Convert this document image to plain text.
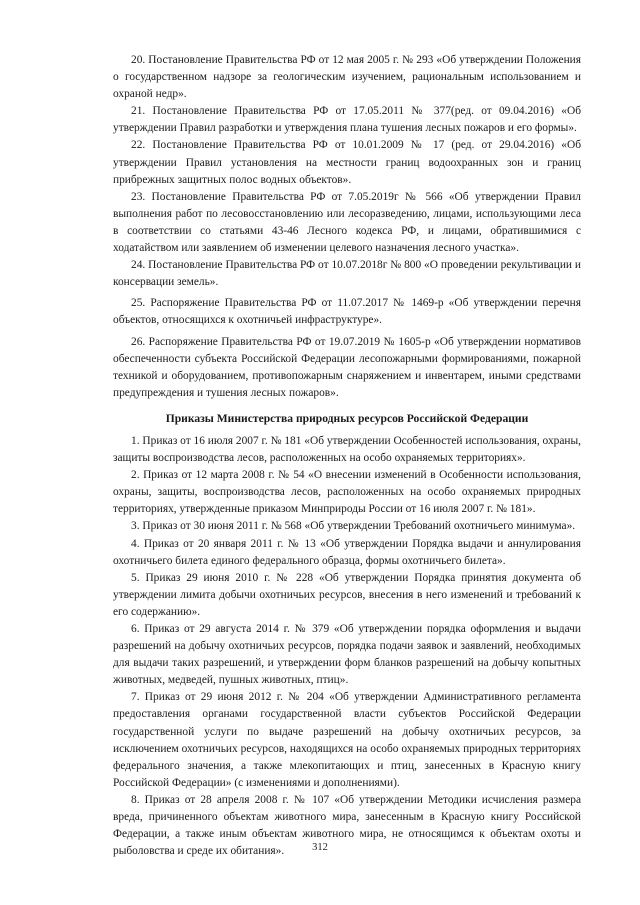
20. Постановление Правительства РФ от 12 мая 2005 г. № 293 «Об утверждении Положения о государственном надзоре за геологическим изучением, рациональным использованием и охраной недр».

21. Постановление Правительства РФ от 17.05.2011 № 377(ред. от 09.04.2016) «Об утверждении Правил разработки и утверждения плана тушения лесных пожаров и его формы».

22. Постановление Правительства РФ от 10.01.2009 № 17 (ред. от 29.04.2016) «Об утверждении Правил установления на местности границ водоохранных зон и границ прибрежных защитных полос водных объектов».

23. Постановление Правительства РФ от 7.05.2019г № 566 «Об утверждении Правил выполнения работ по лесовосстановлению или лесоразведению, лицами, использующими леса в соответствии со статьями 43-46 Лесного кодекса РФ, и лицами, обратившимися с ходатайством или заявлением об изменении целевого назначения лесного участка».

24. Постановление Правительства РФ от 10.07.2018г № 800 «О проведении рекультивации и консервации земель».

25. Распоряжение Правительства РФ от 11.07.2017 № 1469-р «Об утверждении перечня объектов, относящихся к охотничьей инфраструктуре».

26. Распоряжение Правительства РФ от 19.07.2019 № 1605-р «Об утверждении нормативов обеспеченности субъекта Российской Федерации лесопожарными формированиями, пожарной техникой и оборудованием, противопожарным снаряжением и инвентарем, иными средствами предупреждения и тушения лесных пожаров».

Приказы Министерства природных ресурсов Российской Федерации

1. Приказ от 16 июля 2007 г. № 181 «Об утверждении Особенностей использования, охраны, защиты воспроизводства лесов, расположенных на особо охраняемых территориях».

2. Приказ от 12 марта 2008 г. № 54 «О внесении изменений в Особенности использования, охраны, защиты, воспроизводства лесов, расположенных на особо охраняемых природных территориях, утвержденные приказом Минприроды России от 16 июля 2007 г. № 181».

3. Приказ от 30 июня 2011 г. № 568 «Об утверждении Требований охотничьего минимума».

4. Приказ от 20 января 2011 г. № 13 «Об утверждении Порядка выдачи и аннулирования охотничьего билета единого федерального образца, формы охотничьего билета».

5. Приказ 29 июня 2010 г. № 228 «Об утверждении Порядка принятия документа об утверждении лимита добычи охотничьих ресурсов, внесения в него изменений и требований к его содержанию».

6. Приказ от 29 августа 2014 г. № 379 «Об утверждении порядка оформления и выдачи разрешений на добычу охотничьих ресурсов, порядка подачи заявок и заявлений, необходимых для выдачи таких разрешений, и утверждении форм бланков разрешений на добычу копытных животных, медведей, пушных животных, птиц».

7. Приказ от 29 июня 2012 г. № 204 «Об утверждении Административного регламента предоставления органами государственной власти субъектов Российской Федерации государственной услуги по выдаче разрешений на добычу охотничьих ресурсов, за исключением охотничьих ресурсов, находящихся на особо охраняемых природных территориях федерального значения, а также млекопитающих и птиц, занесенных в Красную книгу Российской Федерации» (с изменениями и дополнениями).

8. Приказ от 28 апреля 2008 г. № 107 «Об утверждении Методики исчисления размера вреда, причиненного объектам животного мира, занесенным в Красную книгу Российской Федерации, а также иным объектам животного мира, не относящимся к объектам охоты и рыболовства и среде их обитания».	312
